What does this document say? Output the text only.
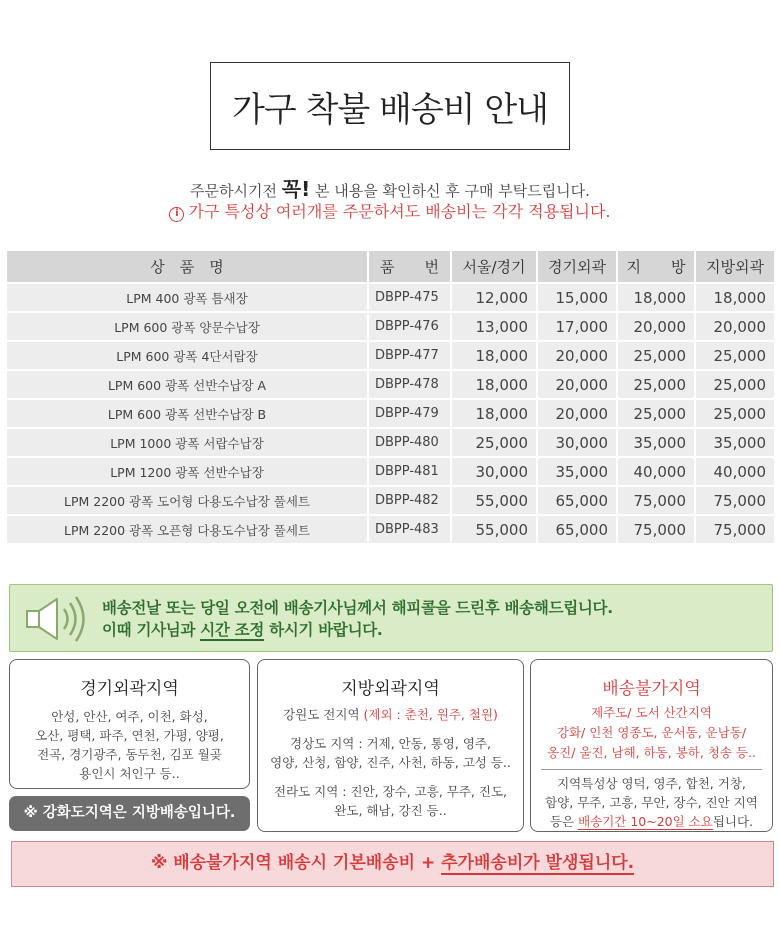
가구 착불 배송비 안내
주문하시기전 꼭! 본 내용을 확인하신 후 구매 부탁드립니다.
i 가구 특성상 여러개를 주문하셔도 배송비는 각각 적용됩니다.
상　품　명	품　　번	서울/경기	경기외곽	지　　방	지방외곽
LPM 400 광폭 틈새장	DBPP-475	12,000	15,000	18,000	18,000
LPM 600 광폭 양문수납장	DBPP-476	13,000	17,000	20,000	20,000
LPM 600 광폭 4단서랍장	DBPP-477	18,000	20,000	25,000	25,000
LPM 600 광폭 선반수납장 A	DBPP-478	18,000	20,000	25,000	25,000
LPM 600 광폭 선반수납장 B	DBPP-479	18,000	20,000	25,000	25,000
LPM 1000 광폭 서랍수납장	DBPP-480	25,000	30,000	35,000	35,000
LPM 1200 광폭 선반수납장	DBPP-481	30,000	35,000	40,000	40,000
LPM 2200 광폭 도어형 다용도수납장 풀세트	DBPP-482	55,000	65,000	75,000	75,000
LPM 2200 광폭 오픈형 다용도수납장 풀세트	DBPP-483	55,000	65,000	75,000	75,000
배송전날 또는 당일 오전에 배송기사님께서 해피콜을 드린후 배송해드립니다.
이때 기사님과 시간 조정 하시기 바랍니다.
경기외곽지역

안성, 안산, 여주, 이천, 화성,
오산, 평택, 파주, 연천, 가평, 양평,
전곡, 경기광주, 동두천, 김포 월곶
용인시 처인구 등..

※ 강화도지역은 지방배송입니다.
지방외곽지역

강원도 전지역 (제외 : 춘천, 원주, 철원)

경상도 지역 : 거제, 안동, 통영, 영주,
영양, 산청, 함양, 진주, 사천, 하동, 고성 등..

전라도 지역 : 진안, 장수, 고흥, 무주, 진도,
완도, 해남, 강진 등..

배송불가지역

제주도/ 도서 산간지역
강화/ 인천 영종도, 운서동, 운남동/
옹진/ 울진, 남해, 하동, 봉하, 청송 등..

지역특성상 영덕, 영주, 합천, 거창,
함양, 무주, 고흥, 무안, 장수, 진안 지역
등은 배송기간 10~20일 소요됩니다.

※ 배송불가지역 배송시 기본배송비 + 추가배송비가 발생됩니다.
